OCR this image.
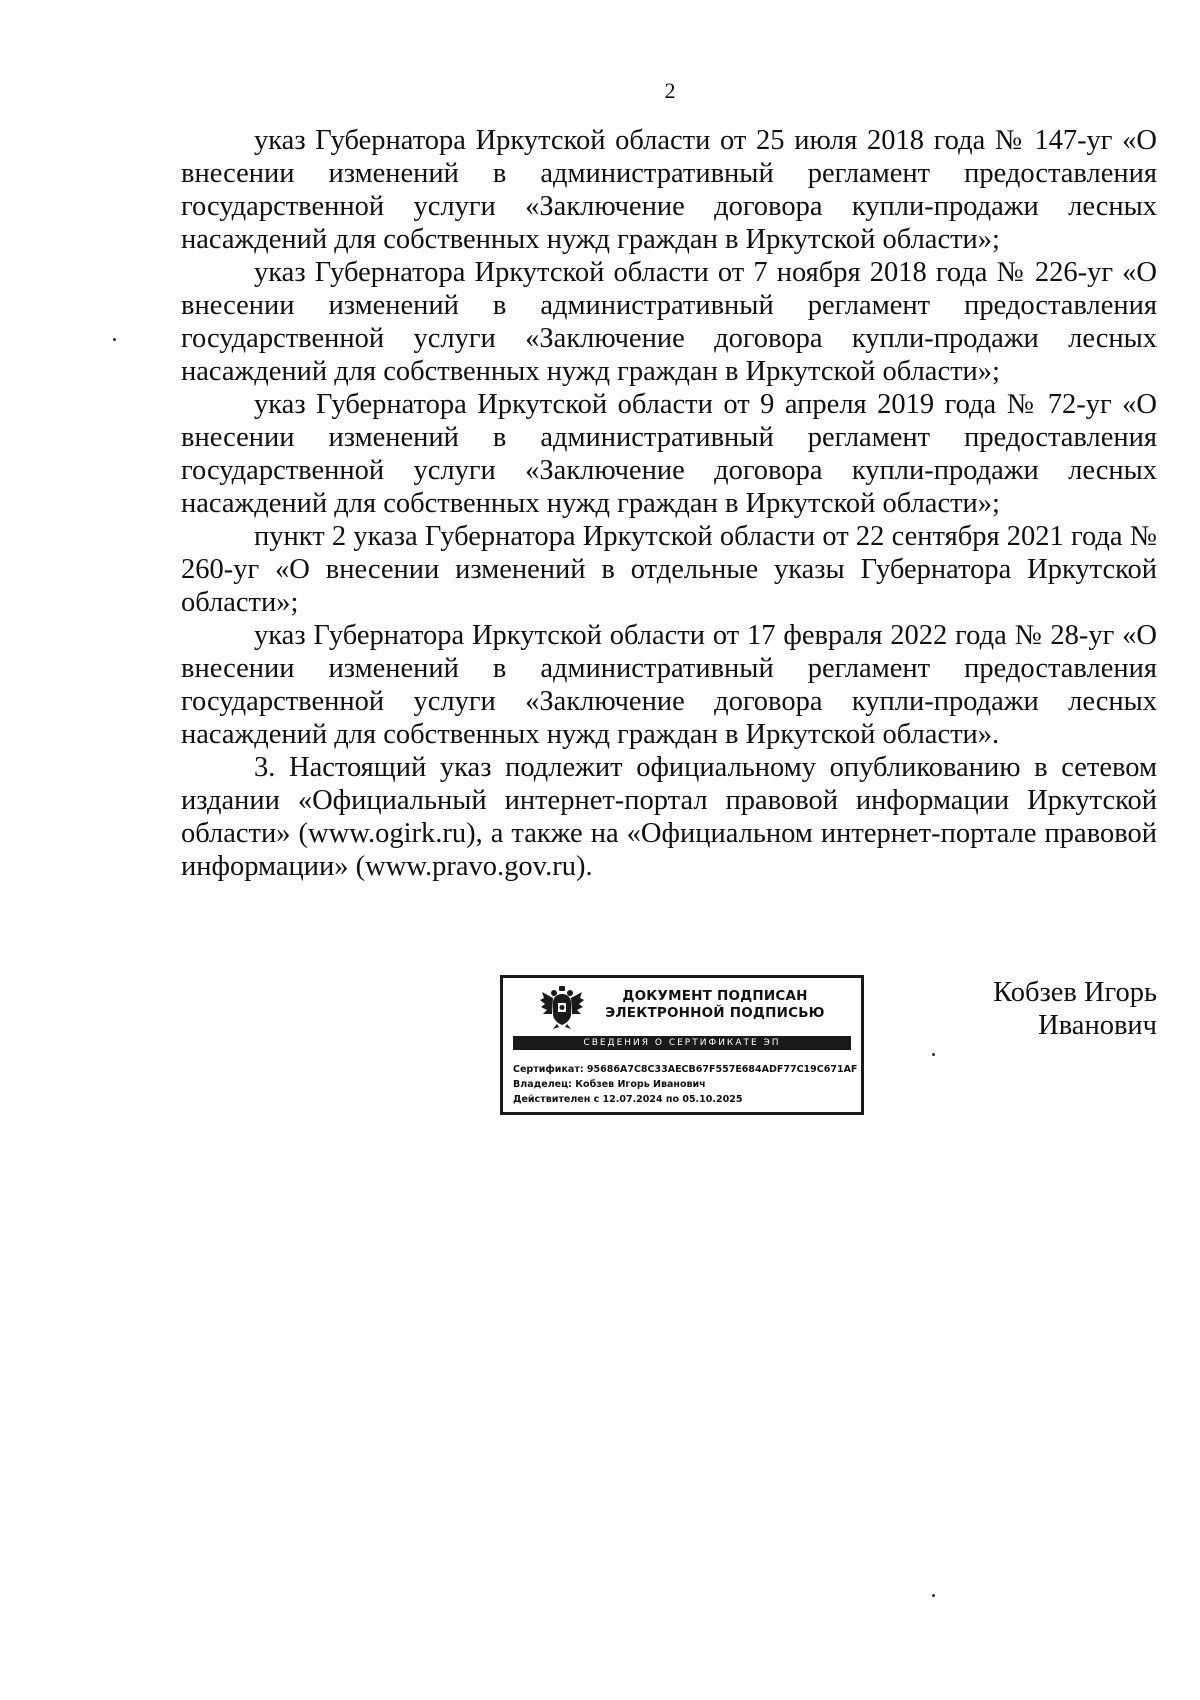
2

указ Губернатора Иркутской области от 25 июля 2018 года № 147-уг «О внесении изменений в административный регламент предоставления государственной услуги «Заключение договора купли-продажи лесных насаждений для собственных нужд граждан в Иркутской области»;

указ Губернатора Иркутской области от 7 ноября 2018 года № 226-уг «О внесении изменений в административный регламент предоставления государственной услуги «Заключение договора купли-продажи лесных насаждений для собственных нужд граждан в Иркутской области»;

указ Губернатора Иркутской области от 9 апреля 2019 года № 72-уг «О внесении изменений в административный регламент предоставления государственной услуги «Заключение договора купли-продажи лесных насаждений для собственных нужд граждан в Иркутской области»;

пункт 2 указа Губернатора Иркутской области от 22 сентября 2021 года № 260-уг «О внесении изменений в отдельные указы Губернатора Иркутской области»;

указ Губернатора Иркутской области от 17 февраля 2022 года № 28-уг «О внесении изменений в административный регламент предоставления государственной услуги «Заключение договора купли-продажи лесных насаждений для собственных нужд граждан в Иркутской области».

3. Настоящий указ подлежит официальному опубликованию в сетевом издании «Официальный интернет-портал правовой информации Иркутской области» (www.ogirk.ru), а также на «Официальном интернет-портале правовой информации» (www.pravo.gov.ru).

ДОКУМЕНТ ПОДПИСАН
ЭЛЕКТРОННОЙ ПОДПИСЬЮ
СВЕДЕНИЯ О СЕРТИФИКАТЕ ЭП
Сертификат: 95686A7C8C33AECB67F557E684ADF77C19C671AF
Владелец: Кобзев Игорь Иванович
Действителен с 12.07.2024 по 05.10.2025
Кобзев Игорь
Иванович
